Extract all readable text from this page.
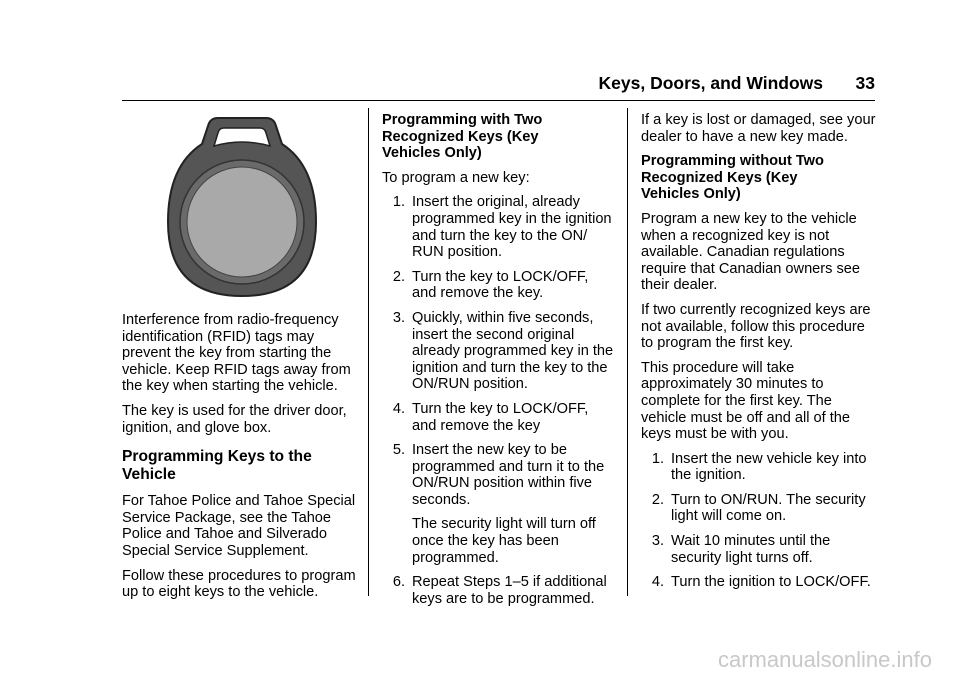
Keys, Doors, and Windows 33

Interference from radio-frequency identification (RFID) tags may prevent the key from starting the vehicle. Keep RFID tags away from the key when starting the vehicle.

The key is used for the driver door, ignition, and glove box.

Programming Keys to the Vehicle

For Tahoe Police and Tahoe Special Service Package, see the Tahoe Police and Tahoe and Silverado Special Service Supplement.

Follow these procedures to program up to eight keys to the vehicle.

Programming with Two Recognized Keys (Key Vehicles Only)

To program a new key:

1. Insert the original, already programmed key in the ignition and turn the key to the ON/ RUN position.

2. Turn the key to LOCK/OFF, and remove the key.

3. Quickly, within five seconds, insert the second original already programmed key in the ignition and turn the key to the ON/RUN position.

4. Turn the key to LOCK/OFF, and remove the key

5. Insert the new key to be programmed and turn it to the ON/RUN position within five seconds.

The security light will turn off once the key has been programmed.

6. Repeat Steps 1–5 if additional keys are to be programmed.

If a key is lost or damaged, see your dealer to have a new key made.

Programming without Two Recognized Keys (Key Vehicles Only)

Program a new key to the vehicle when a recognized key is not available. Canadian regulations require that Canadian owners see their dealer.

If two currently recognized keys are not available, follow this procedure to program the first key.

This procedure will take approximately 30 minutes to complete for the first key. The vehicle must be off and all of the keys must be with you.

1. Insert the new vehicle key into the ignition.

2. Turn to ON/RUN. The security light will come on.

3. Wait 10 minutes until the security light turns off.

4. Turn the ignition to LOCK/OFF.

carmanualsonline.info
